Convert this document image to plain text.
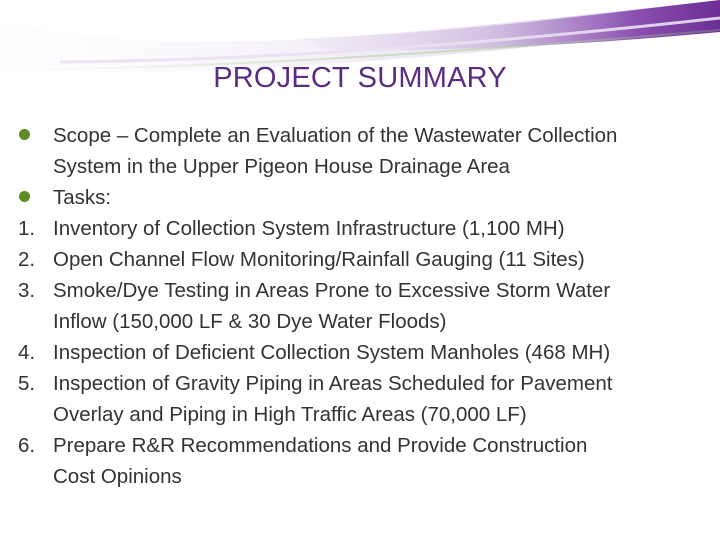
PROJECT SUMMARY
Scope – Complete an Evaluation of the Wastewater Collection
System in the Upper Pigeon House Drainage Area
Tasks:
1. Inventory of Collection System Infrastructure (1,100 MH)
2. Open Channel Flow Monitoring/Rainfall Gauging (11 Sites)
3. Smoke/Dye Testing in Areas Prone to Excessive Storm Water
Inflow (150,000 LF & 30 Dye Water Floods)
4. Inspection of Deficient Collection System Manholes (468 MH)
5. Inspection of Gravity Piping in Areas Scheduled for Pavement
Overlay and Piping in High Traffic Areas (70,000 LF)
6. Prepare R&R Recommendations and Provide Construction
Cost Opinions
